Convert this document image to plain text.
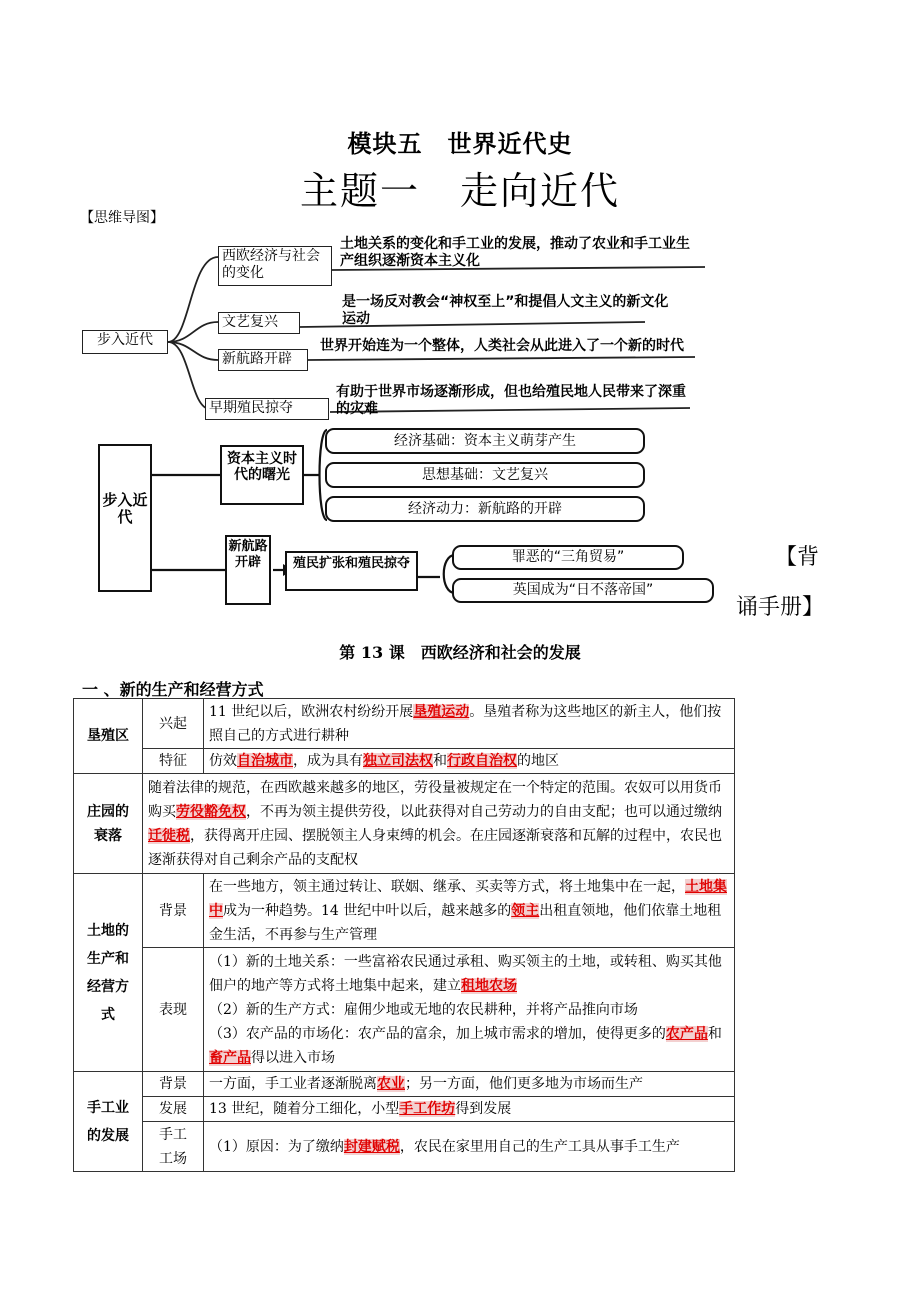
模块五　世界近代史
主题一　走向近代
【思维导图】
步入近代
西欧经济与社会的变化
文艺复兴
新航路开辟
早期殖民掠夺
土地关系的变化和手工业的发展，推动了农业和手工业生产组织逐渐资本主义化
是一场反对教会“神权至上”和提倡人文主义的新文化运动
世界开始连为一个整体，人类社会从此进入了一个新的时代
有助于世界市场逐渐形成，但也给殖民地人民带来了深重的灾难
步入近代
资本主义时代的曙光
新航路开辟	殖民扩张和殖民掠夺
经济基础：资本主义萌芽产生
思想基础：文艺复兴
经济动力：新航路的开辟
罪恶的“三角贸易”
英国成为“日不落帝国”
【背
诵手册】
第 13 课　西欧经济和社会的发展
一 、新的生产和经营方式
垦殖区	兴起	11 世纪以后，欧洲农村纷纷开展垦殖运动。垦殖者称为这些地区的新主人，他们按照自己的方式进行耕种
	特征	仿效自治城市，成为具有独立司法权和行政自治权的地区
庄园的
衰落	随着法律的规范，在西欧越来越多的地区，劳役量被规定在一个特定的范围。农奴可以用货币购买劳役豁免权，不再为领主提供劳役，以此获得对自己劳动力的自由支配；也可以通过缴纳迁徙税，获得离开庄园、摆脱领主人身束缚的机会。在庄园逐渐衰落和瓦解的过程中，农民也逐渐获得对自己剩余产品的支配权	
土地的
生产和
经营方
式	背景	在一些地方，领主通过转让、联姻、继承、买卖等方式，将土地集中在一起，土地集中成为一种趋势。14 世纪中叶以后，越来越多的领主出租直领地，他们依靠土地租金生活，不再参与生产管理
	表现	（1）新的土地关系：一些富裕农民通过承租、购买领主的土地，或转租、购买其他佃户的地产等方式将土地集中起来，建立租地农场
（2）新的生产方式：雇佣少地或无地的农民耕种，并将产品推向市场
（3）农产品的市场化：农产品的富余，加上城市需求的增加，使得更多的农产品和畜产品得以进入市场
手工业
的发展	背景	一方面，手工业者逐渐脱离农业；另一方面，他们更多地为市场而生产
	发展	13 世纪，随着分工细化，小型手工作坊得到发展
	手工
工场	（1）原因：为了缴纳封建赋税，农民在家里用自己的生产工具从事手工生产
